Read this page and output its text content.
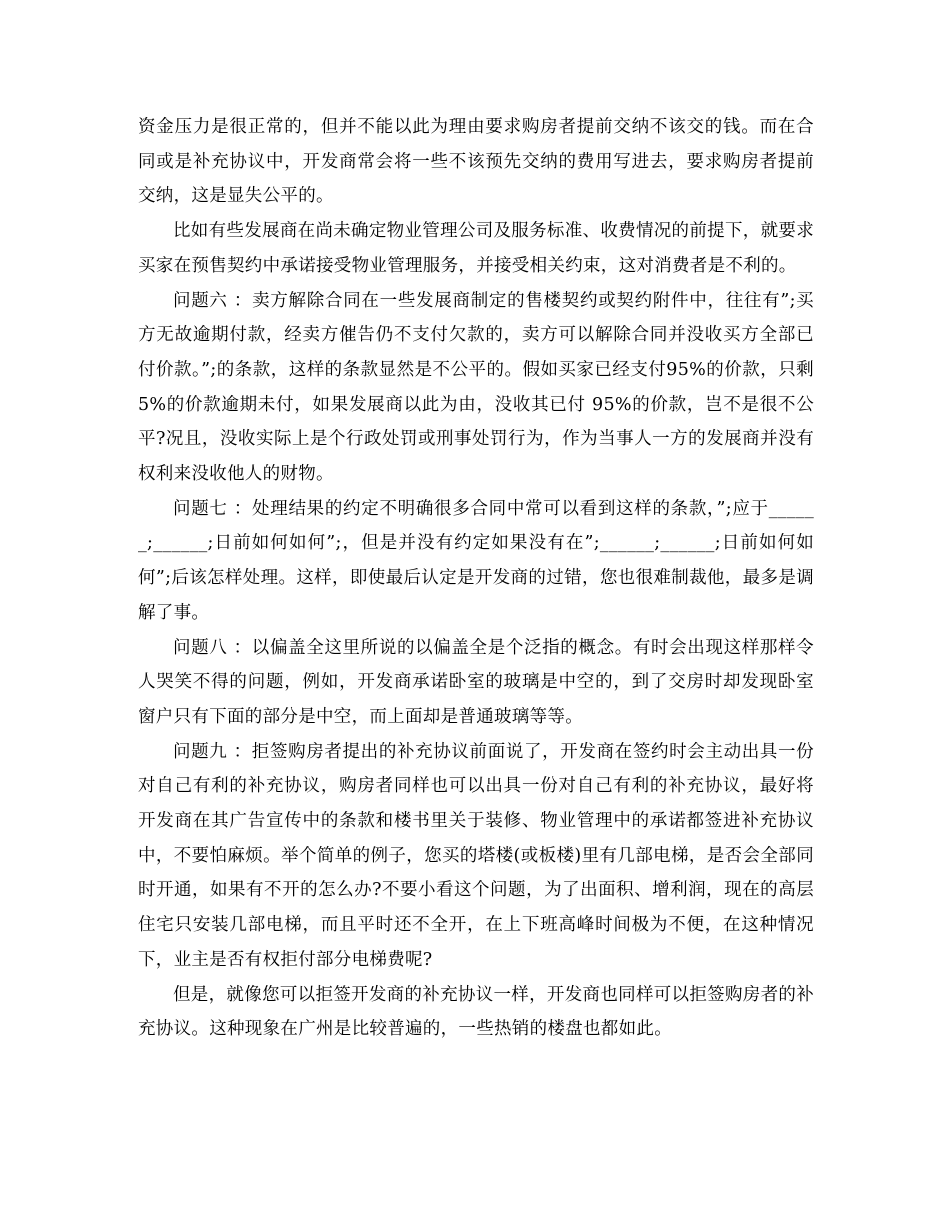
资金压力是很正常的，但并不能以此为理由要求购房者提前交纳不该交的钱。而在合同或是补充协议中，开发商常会将一些不该预先交纳的费用写进去，要求购房者提前交纳，这是显失公平的。

比如有些发展商在尚未确定物业管理公司及服务标准、收费情况的前提下，就要求买家在预售契约中承诺接受物业管理服务，并接受相关约束，这对消费者是不利的。

问题六 ：卖方解除合同在一些发展商制定的售楼契约或契约附件中，往往有”;买方无故逾期付款，经卖方催告仍不支付欠款的，卖方可以解除合同并没收买方全部已付价款。”;的条款，这样的条款显然是不公平的。假如买家已经支付95%的价款，只剩 5%的价款逾期未付，如果发展商以此为由，没收其已付 95%的价款，岂不是很不公平?况且，没收实际上是个行政处罚或刑事处罚行为，作为当事人一方的发展商并没有权利来没收他人的财物。

问题七 ：处理结果的约定不明确很多合同中常可以看到这样的条款，”;应于______;______;日前如何如何”;，但是并没有约定如果没有在”;______;______;日前如何如何”;后该怎样处理。这样，即使最后认定是开发商的过错，您也很难制裁他，最多是调解了事。

问题八 ：以偏盖全这里所说的以偏盖全是个泛指的概念。有时会出现这样那样令人哭笑不得的问题，例如，开发商承诺卧室的玻璃是中空的，到了交房时却发现卧室窗户只有下面的部分是中空，而上面却是普通玻璃等等。

问题九 ：拒签购房者提出的补充协议前面说了，开发商在签约时会主动出具一份对自己有利的补充协议，购房者同样也可以出具一份对自己有利的补充协议，最好将开发商在其广告宣传中的条款和楼书里关于装修、物业管理中的承诺都签进补充协议中，不要怕麻烦。举个简单的例子，您买的塔楼(或板楼)里有几部电梯，是否会全部同时开通，如果有不开的怎么办?不要小看这个问题，为了出面积、增利润，现在的高层住宅只安装几部电梯，而且平时还不全开，在上下班高峰时间极为不便，在这种情况下，业主是否有权拒付部分电梯费呢?

但是，就像您可以拒签开发商的补充协议一样，开发商也同样可以拒签购房者的补充协议。这种现象在广州是比较普遍的，一些热销的楼盘也都如此。
